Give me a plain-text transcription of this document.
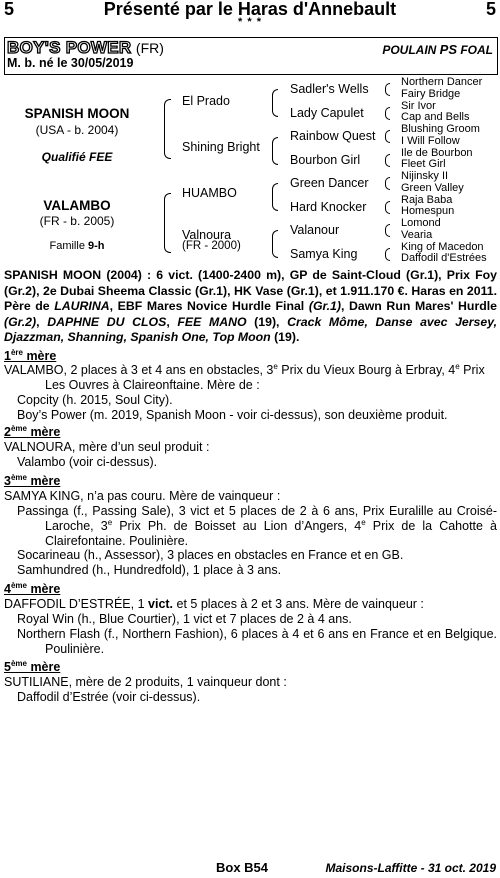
5	Présenté par le Haras d'Annebault	5
* * *
BOY'S POWER (FR)	POULAIN PS FOAL
M. b. né le 30/05/2019
SPANISH MOON
(USA - b. 2004)
Qualifié FEE
VALAMBO
(FR - b. 2005)
Famille 9-h
El Prado
Shining Bright
HUAMBO
Valnoura
(FR - 2000)
Sadler's Wells
Lady Capulet
Rainbow Quest
Bourbon Girl
Green Dancer
Hard Knocker
Valanour
Samya King
Northern Dancer
Fairy Bridge
Sir Ivor
Cap and Bells
Blushing Groom
I Will Follow
Ile de Bourbon
Fleet Girl
Nijinsky II
Green Valley
Raja Baba
Homespun
Lomond
Vearia
King of Macedon
Daffodil d'Estrées
SPANISH MOON (2004) : 6 vict. (1400-2400 m), GP de Saint-Cloud (Gr.1), Prix Foy (Gr.2), 2e Dubai Sheema Classic (Gr.1), HK Vase (Gr.1), et 1.911.170 €. Haras en 2011. Père de LAURINA, EBF Mares Novice Hurdle Final (Gr.1), Dawn Run Mares' Hurdle (Gr.2), DAPHNE DU CLOS, FEE MANO (19), Crack Môme, Danse avec Jersey, Djazzman, Shanning, Spanish One, Top Moon (19).
1ère mère
VALAMBO, 2 places à 3 et 4 ans en obstacles, 3e Prix du Vieux Bourg à Erbray, 4e Prix Les Ouvres à Claireonftaine. Mère de :
Copcity (h. 2015, Soul City).
Boy’s Power (m. 2019, Spanish Moon - voir ci-dessus), son deuxième produit.
2ème mère
VALNOURA, mère d’un seul produit :
Valambo (voir ci-dessus).
3ème mère
SAMYA KING, n’a pas couru. Mère de vainqueur :
Passinga (f., Passing Sale), 3 vict et 5 places de 2 à 6 ans, Prix Euralille au Croisé-Laroche, 3e Prix Ph. de Boisset au Lion d’Angers, 4e Prix de la Cahotte à Clairefontaine. Poulinière.
Socarineau (h., Assessor), 3 places en obstacles en France et en GB.
Samhundred (h., Hundredfold), 1 place à 3 ans.
4ème mère
DAFFODIL D’ESTRÉE, 1 vict. et 5 places à 2 et 3 ans. Mère de vainqueur :
Royal Win (h., Blue Courtier), 1 vict et 7 places de 2 à 4 ans.
Northern Flash (f., Northern Fashion), 6 places à 4 et 6 ans en France et en Belgique. Poulinière.
5ème mère
SUTILIANE, mère de 2 produits, 1 vainqueur dont :
Daffodil d’Estrée (voir ci-dessus).
Box B54	Maisons-Laffitte - 31 oct. 2019
